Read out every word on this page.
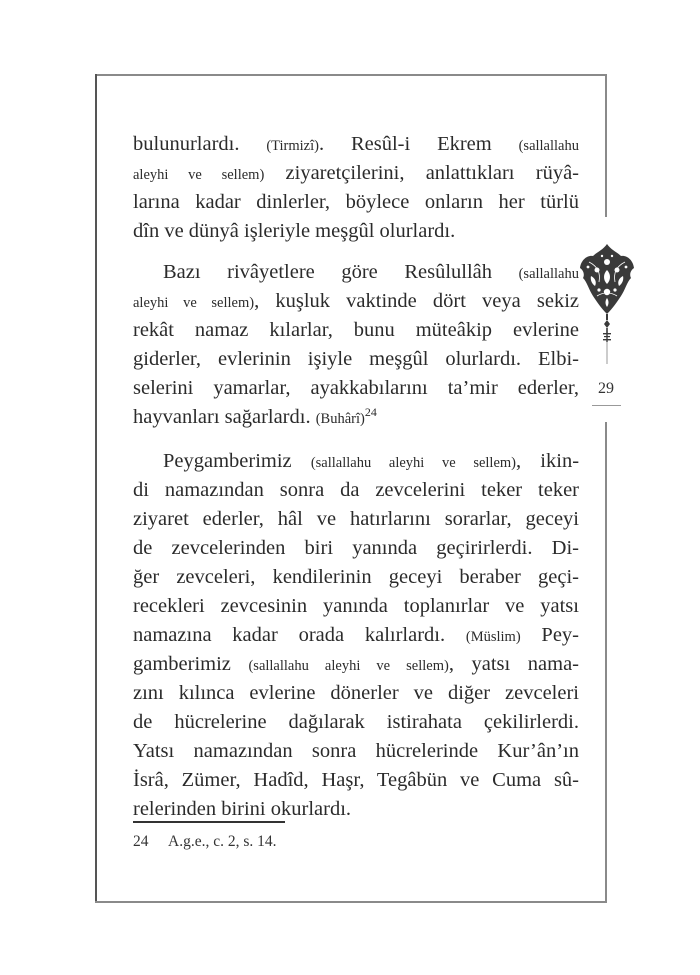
29
bulunurlardı. (Tirmizî). Resûl-i Ekrem (sallallahu
aleyhi ve sellem) ziyaretçilerini, anlattıkları rüyâ-
larına kadar dinlerler, böylece onların her türlü
dîn ve dünyâ işleriyle meşgûl olurlardı.
Bazı rivâyetlere göre Resûlullâh (sallallahu
aleyhi ve sellem), kuşluk vaktinde dört veya sekiz
rekât namaz kılarlar, bunu müteâkip evlerine
giderler, evlerinin işiyle meşgûl olurlardı. Elbi-
selerini yamarlar, ayakkabılarını ta’mir ederler,
hayvanları sağarlardı. (Buhârî)$^{24}$
Peygamberimiz (sallallahu aleyhi ve sellem), ikin-
di namazından sonra da zevcelerini teker teker
ziyaret ederler, hâl ve hatırlarını sorarlar, geceyi
de zevcelerinden biri yanında geçirirlerdi. Di-
ğer zevceleri, kendilerinin geceyi beraber geçi-
recekleri zevcesinin yanında toplanırlar ve yatsı
namazına kadar orada kalırlardı. (Müslim) Pey-
gamberimiz (sallallahu aleyhi ve sellem), yatsı nama-
zını kılınca evlerine dönerler ve diğer zevceleri
de hücrelerine dağılarak istirahata çekilirlerdi.
Yatsı namazından sonra hücrelerinde Kur’ân’ın
İsrâ, Zümer, Hadîd, Haşr, Tegâbün ve Cuma sû-
relerinden birini okurlardı.
24 A.g.e., c. 2, s. 14.
